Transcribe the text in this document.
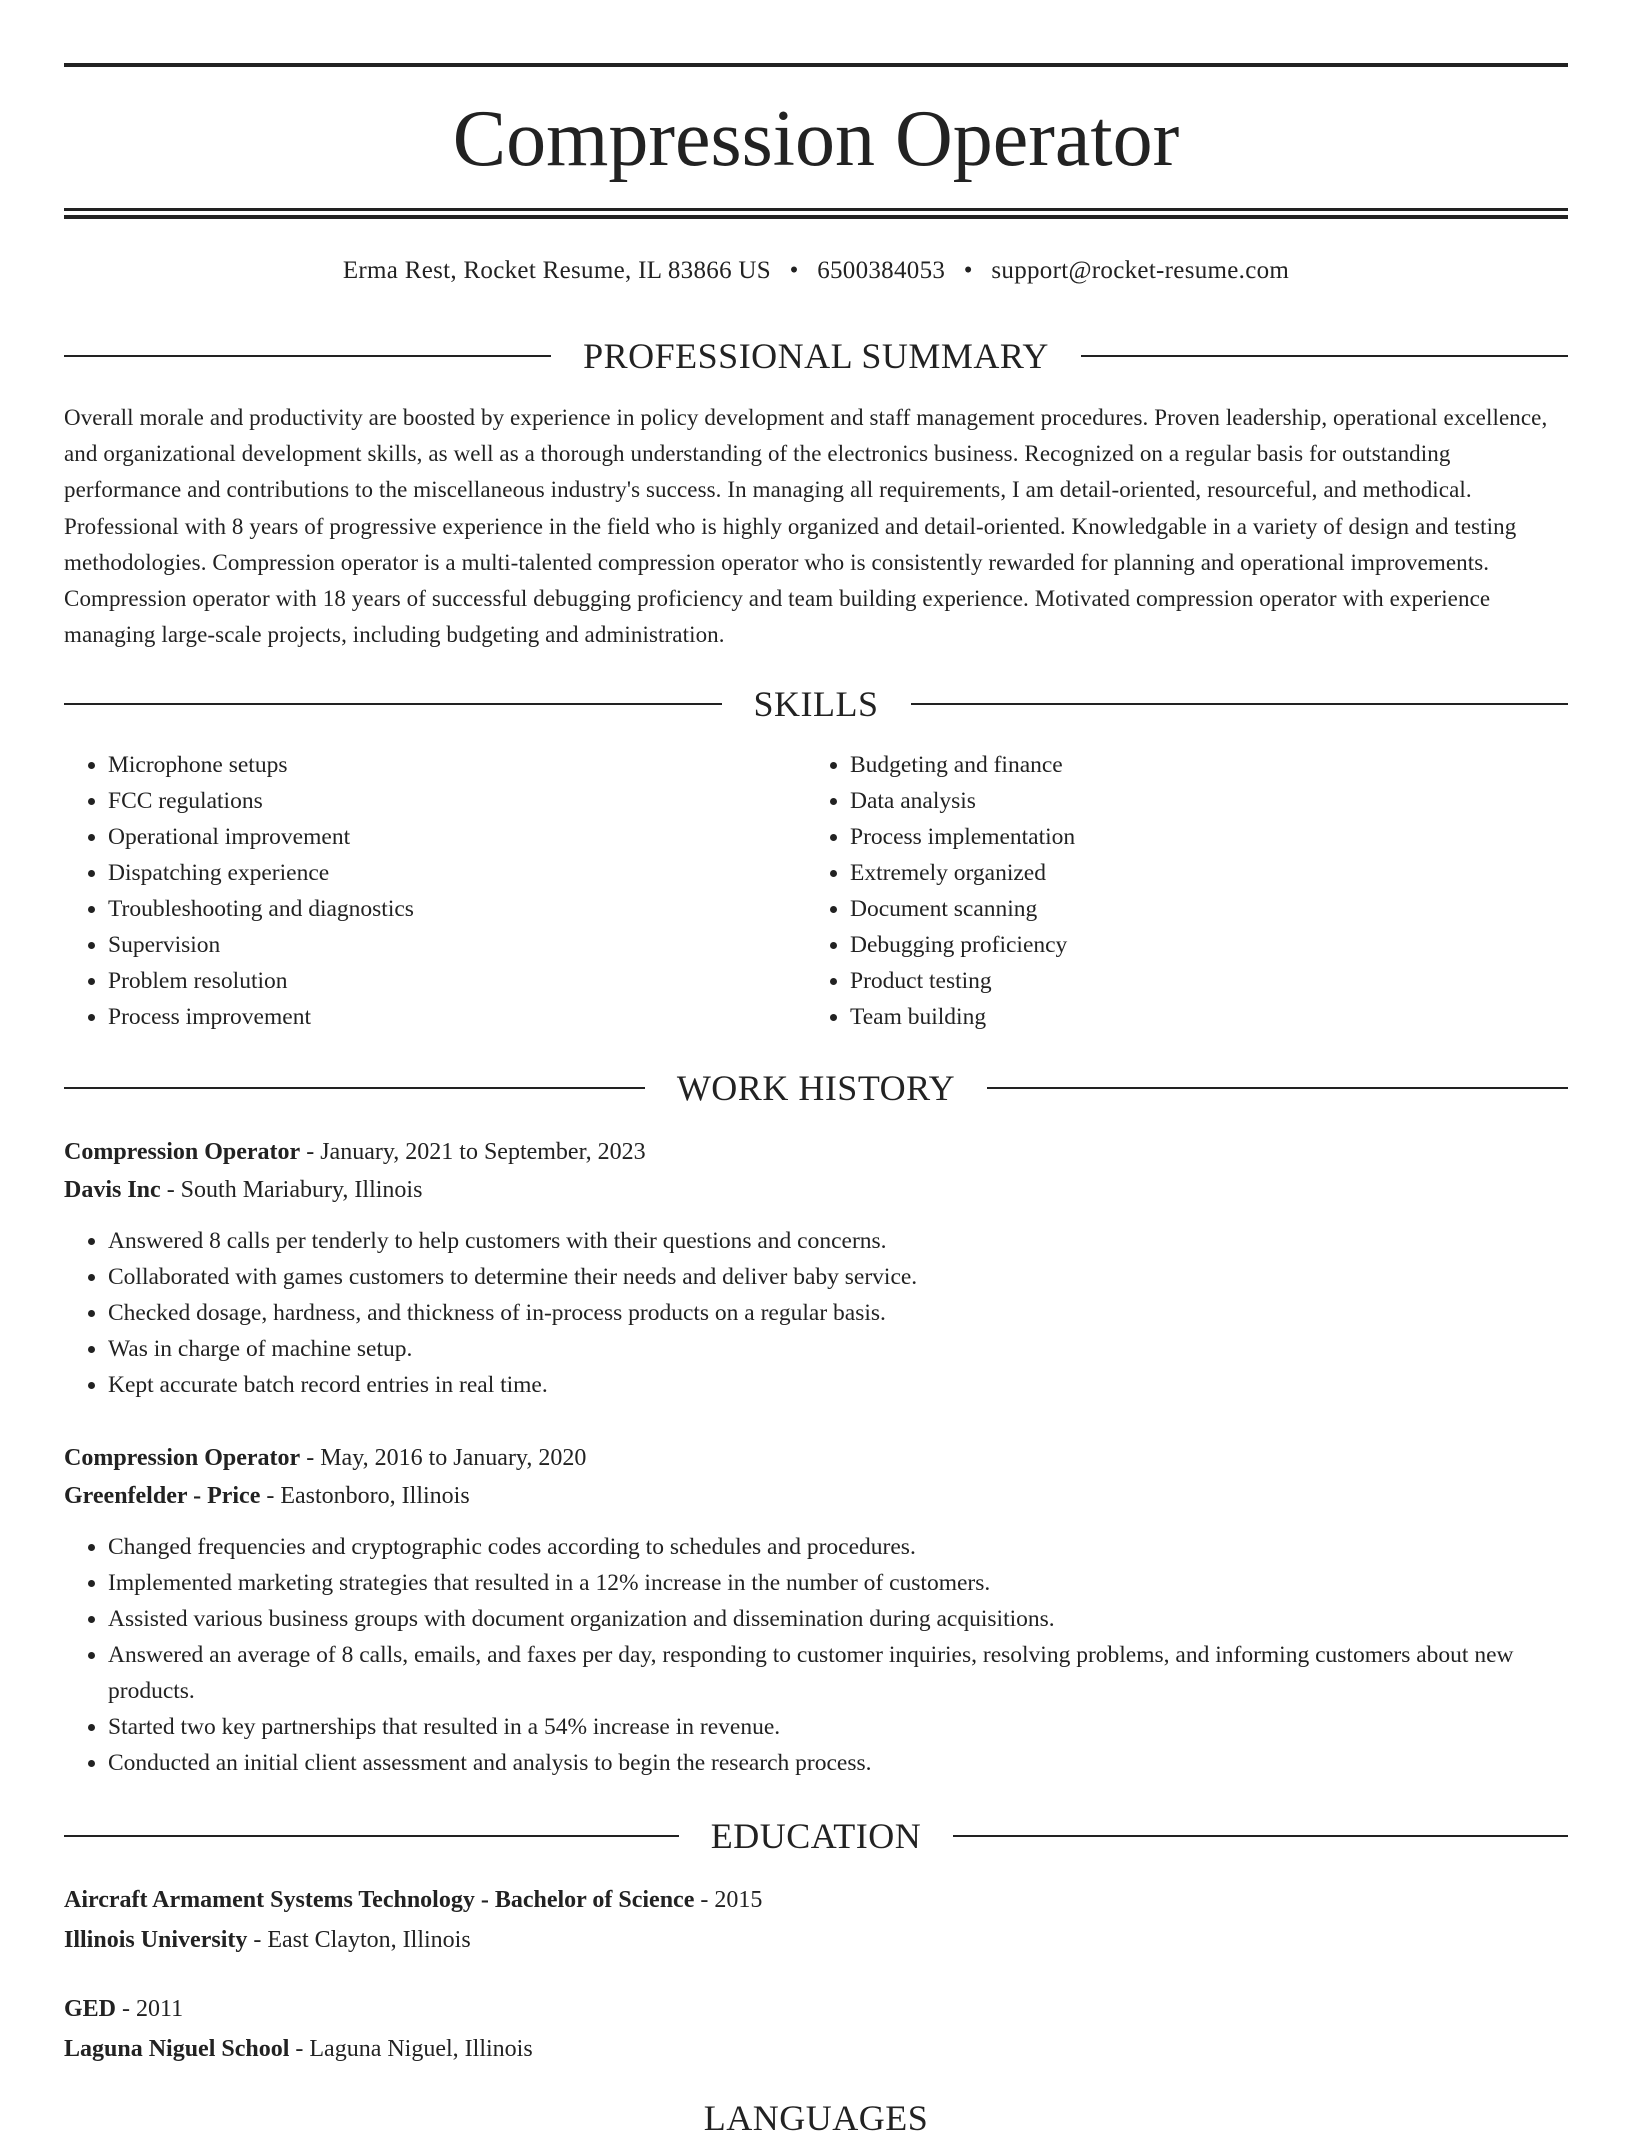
Compression Operator
Erma Rest, Rocket Resume, IL 83866 US • 6500384053 • support@rocket-resume.com
PROFESSIONAL SUMMARY

Overall morale and productivity are boosted by experience in policy development and staff management procedures. Proven leadership, operational excellence, and organizational development skills, as well as a thorough understanding of the electronics business. Recognized on a regular basis for outstanding performance and contributions to the miscellaneous industry's success. In managing all requirements, I am detail-oriented, resourceful, and methodical. Professional with 8 years of progressive experience in the field who is highly organized and detail-oriented. Knowledgable in a variety of design and testing methodologies. Compression operator is a multi-talented compression operator who is consistently rewarded for planning and operational improvements. Compression operator with 18 years of successful debugging proficiency and team building experience. Motivated compression operator with experience managing large-scale projects, including budgeting and administration.

SKILLS
• Microphone setups
• FCC regulations
• Operational improvement
• Dispatching experience
• Troubleshooting and diagnostics
• Supervision
• Problem resolution
• Process improvement
• Budgeting and finance
• Data analysis
• Process implementation
• Extremely organized
• Document scanning
• Debugging proficiency
• Product testing
• Team building
WORK HISTORY
Compression Operator - January, 2021 to September, 2023
Davis Inc - South Mariabury, Illinois
• Answered 8 calls per tenderly to help customers with their questions and concerns.
• Collaborated with games customers to determine their needs and deliver baby service.
• Checked dosage, hardness, and thickness of in-process products on a regular basis.
• Was in charge of machine setup.
• Kept accurate batch record entries in real time.
Compression Operator - May, 2016 to January, 2020
Greenfelder - Price - Eastonboro, Illinois
• Changed frequencies and cryptographic codes according to schedules and procedures.
• Implemented marketing strategies that resulted in a 12% increase in the number of customers.
• Assisted various business groups with document organization and dissemination during acquisitions.
• Answered an average of 8 calls, emails, and faxes per day, responding to customer inquiries, resolving problems, and informing customers about new products.
• Started two key partnerships that resulted in a 54% increase in revenue.
• Conducted an initial client assessment and analysis to begin the research process.
EDUCATION
Aircraft Armament Systems Technology - Bachelor of Science - 2015
Illinois University - East Clayton, Illinois
GED - 2011
Laguna Niguel School - Laguna Niguel, Illinois
LANGUAGES
